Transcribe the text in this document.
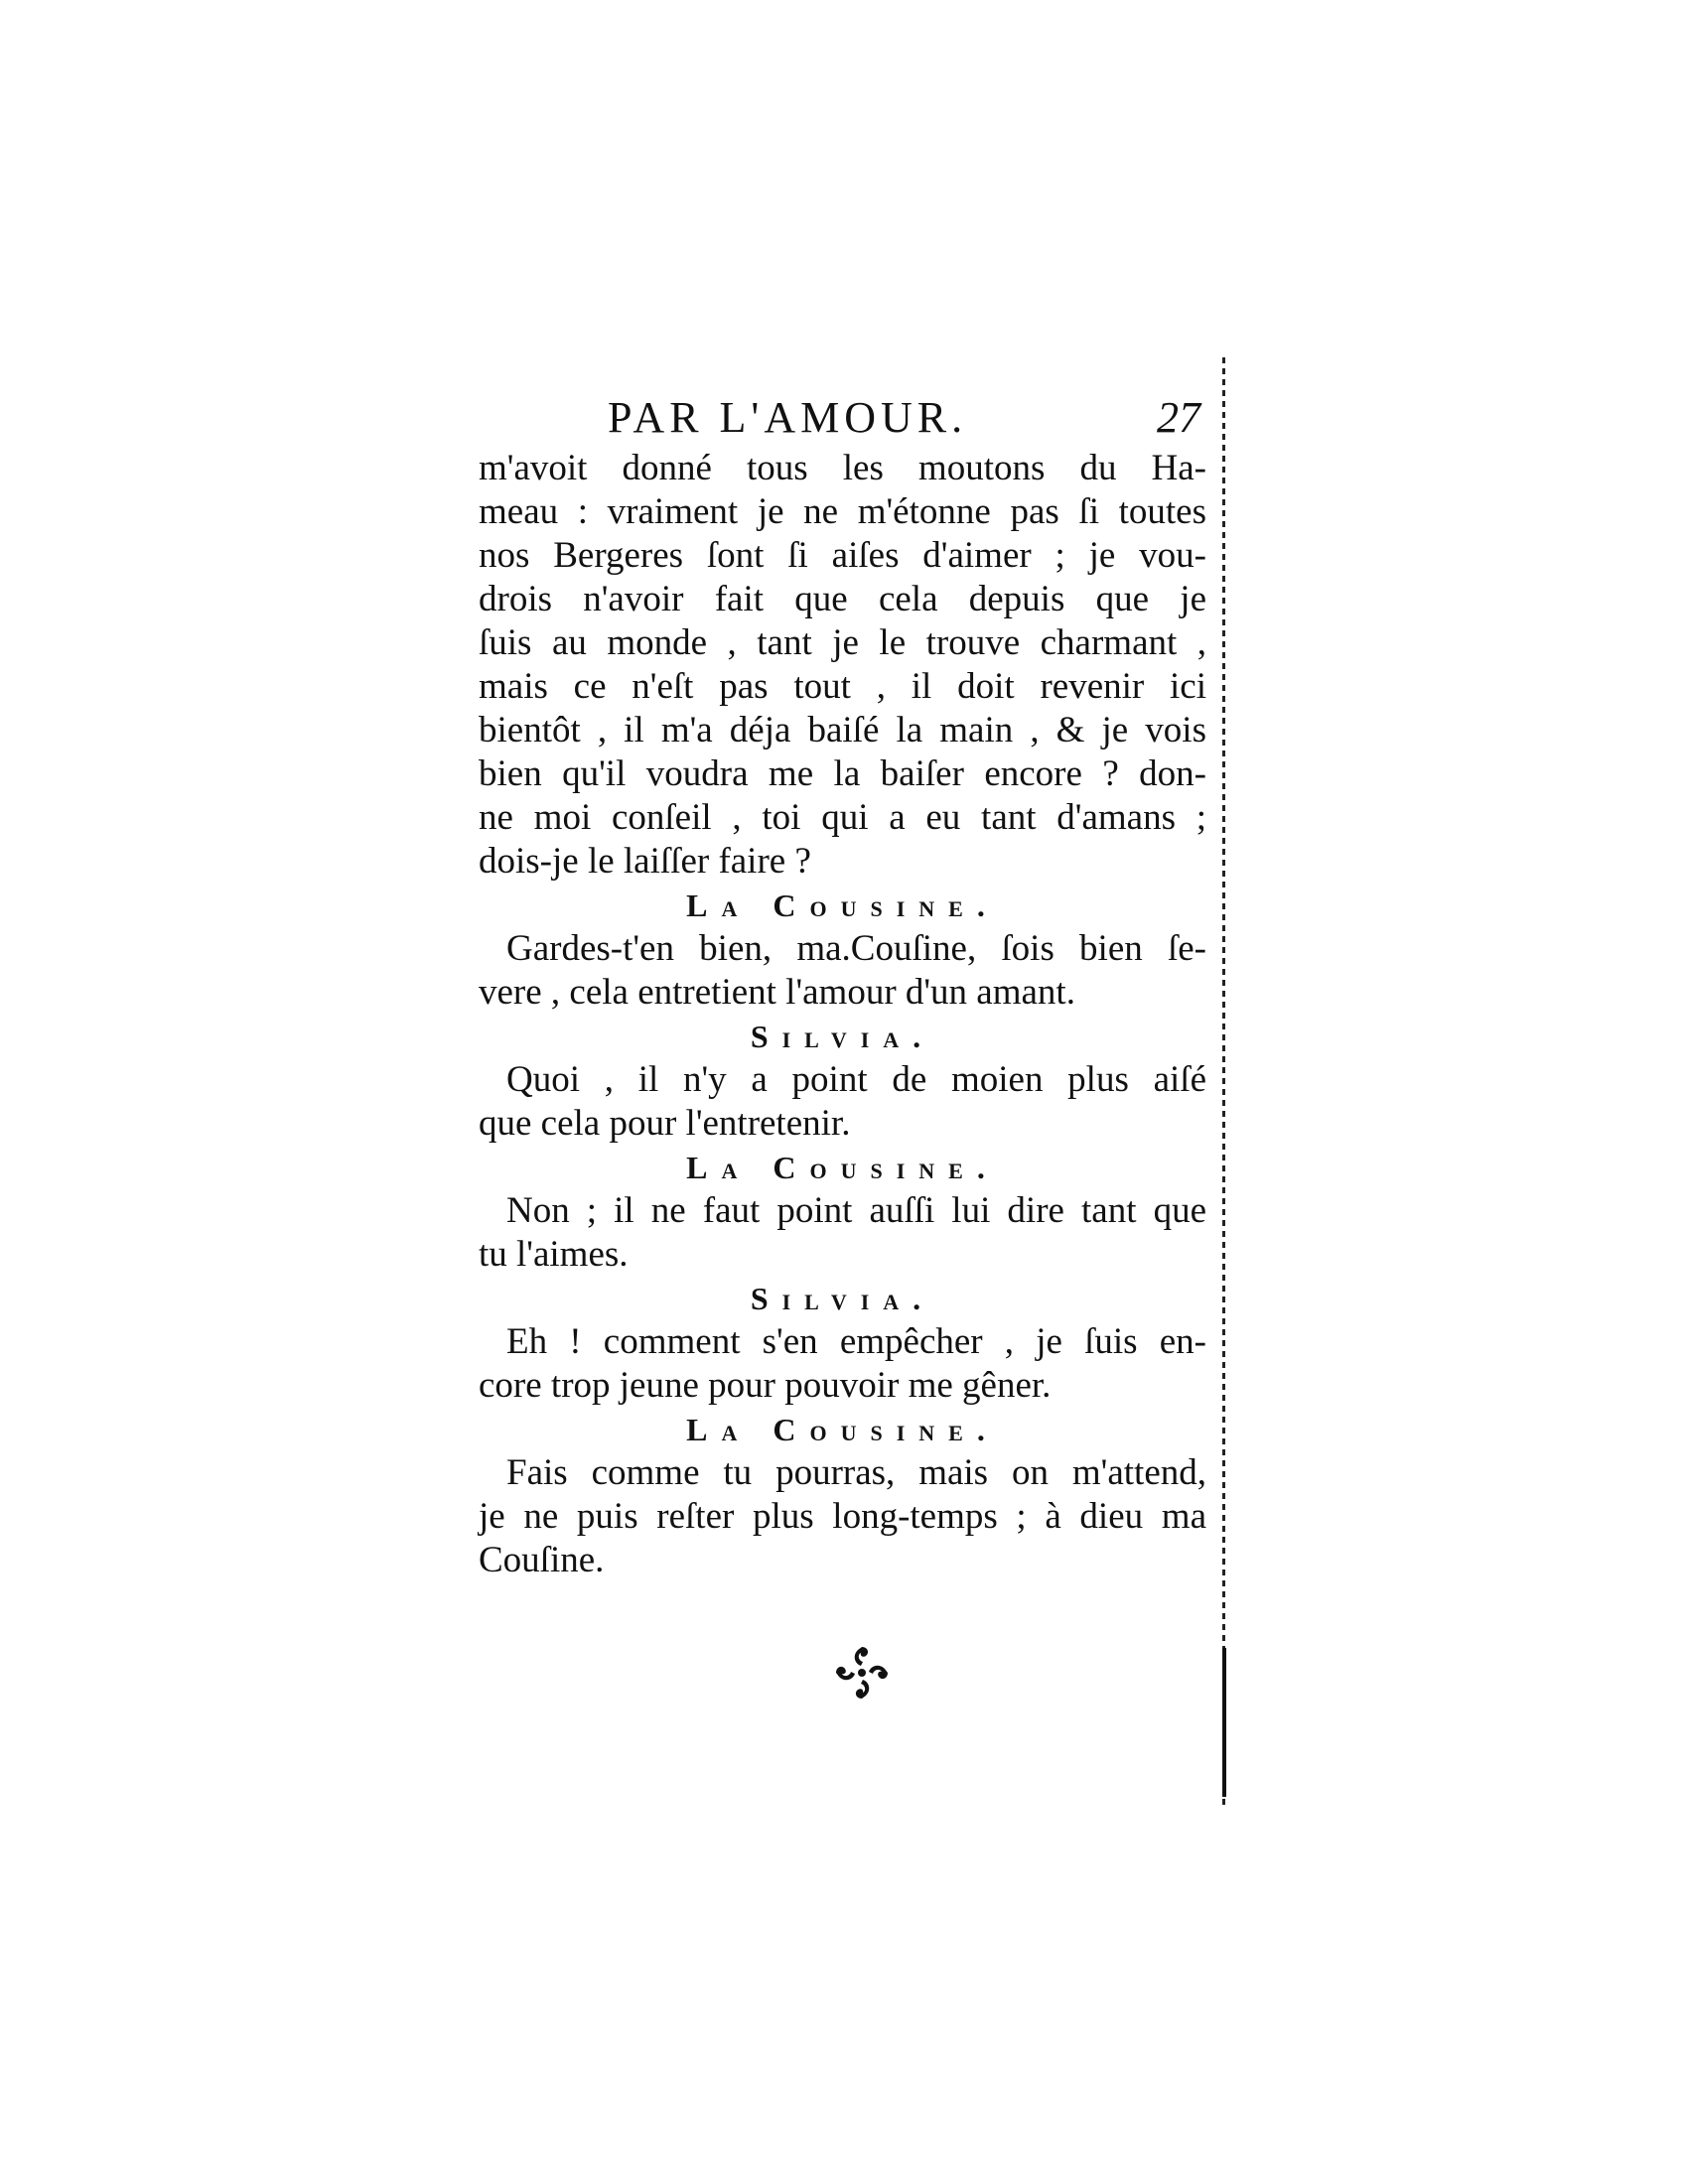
PAR L'AMOUR.	27
m'avoit donné tous les moutons du Ha-
meau : vraiment je ne m'étonne pas ſi toutes
nos Bergeres ſont ſi aiſes d'aimer ; je vou-
drois n'avoir fait que cela depuis que je
ſuis au monde , tant je le trouve charmant ,
mais ce n'eſt pas tout , il doit revenir ici
bientôt , il m'a déja baiſé la main , & je vois
bien qu'il voudra me la baiſer encore ? don-
ne moi conſeil , toi qui a eu tant d'amans ;
dois-je le laiſſer faire ?
La Cousine.
Gardes-t'en bien, ma.Couſine, ſois bien ſe-
vere , cela entretient l'amour d'un amant.
Silvia.
Quoi , il n'y a point de moien plus aiſé
que cela pour l'entretenir.
La Cousine.
Non ; il ne faut point auſſi lui dire tant que
tu l'aimes.
Silvia.
Eh ! comment s'en empêcher , je ſuis en-
core trop jeune pour pouvoir me gêner.
La Cousine.
Fais comme tu pourras, mais on m'attend,
je ne puis reſter plus long-temps ; à dieu ma
Couſine.
